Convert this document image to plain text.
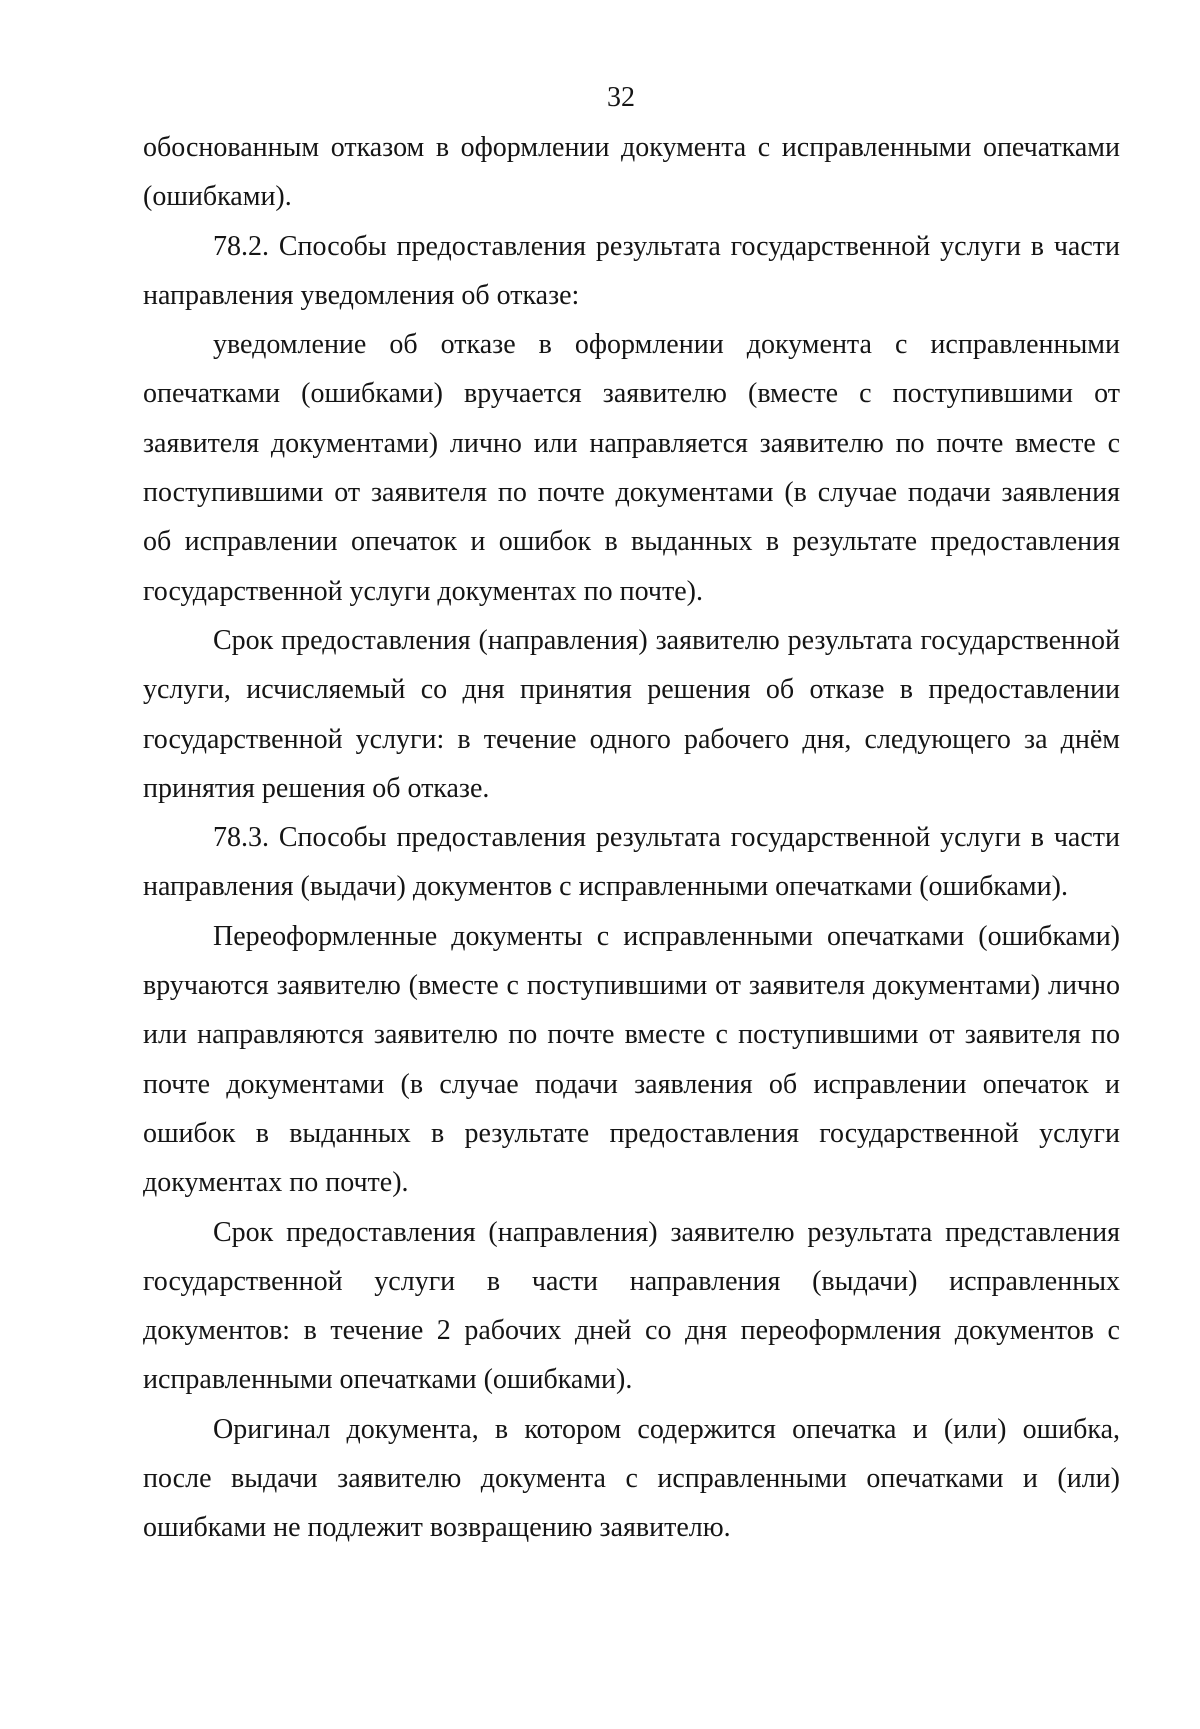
32

обоснованным отказом в оформлении документа с исправленными опечатками (ошибками).

78.2. Способы предоставления результата государственной услуги в части направления уведомления об отказе:

уведомление об отказе в оформлении документа с исправленными опечатками (ошибками) вручается заявителю (вместе с поступившими от заявителя документами) лично или направляется заявителю по почте вместе с поступившими от заявителя по почте документами (в случае подачи заявления об исправлении опечаток и ошибок в выданных в результате предоставления государственной услуги документах по почте).

Срок предоставления (направления) заявителю результата государственной услуги, исчисляемый со дня принятия решения об отказе в предоставлении государственной услуги: в течение одного рабочего дня, следующего за днём принятия решения об отказе.

78.3. Способы предоставления результата государственной услуги в части направления (выдачи) документов с исправленными опечатками (ошибками).

Переоформленные документы с исправленными опечатками (ошибками) вручаются заявителю (вместе с поступившими от заявителя документами) лично или направляются заявителю по почте вместе с поступившими от заявителя по почте документами (в случае подачи заявления об исправлении опечаток и ошибок в выданных в результате предоставления государственной услуги документах по почте).

Срок предоставления (направления) заявителю результата представления государственной услуги в части направления (выдачи) исправленных документов: в течение 2 рабочих дней со дня переоформления документов с исправленными опечатками (ошибками).

Оригинал документа, в котором содержится опечатка и (или) ошибка, после выдачи заявителю документа с исправленными опечатками и (или) ошибками не подлежит возвращению заявителю.
